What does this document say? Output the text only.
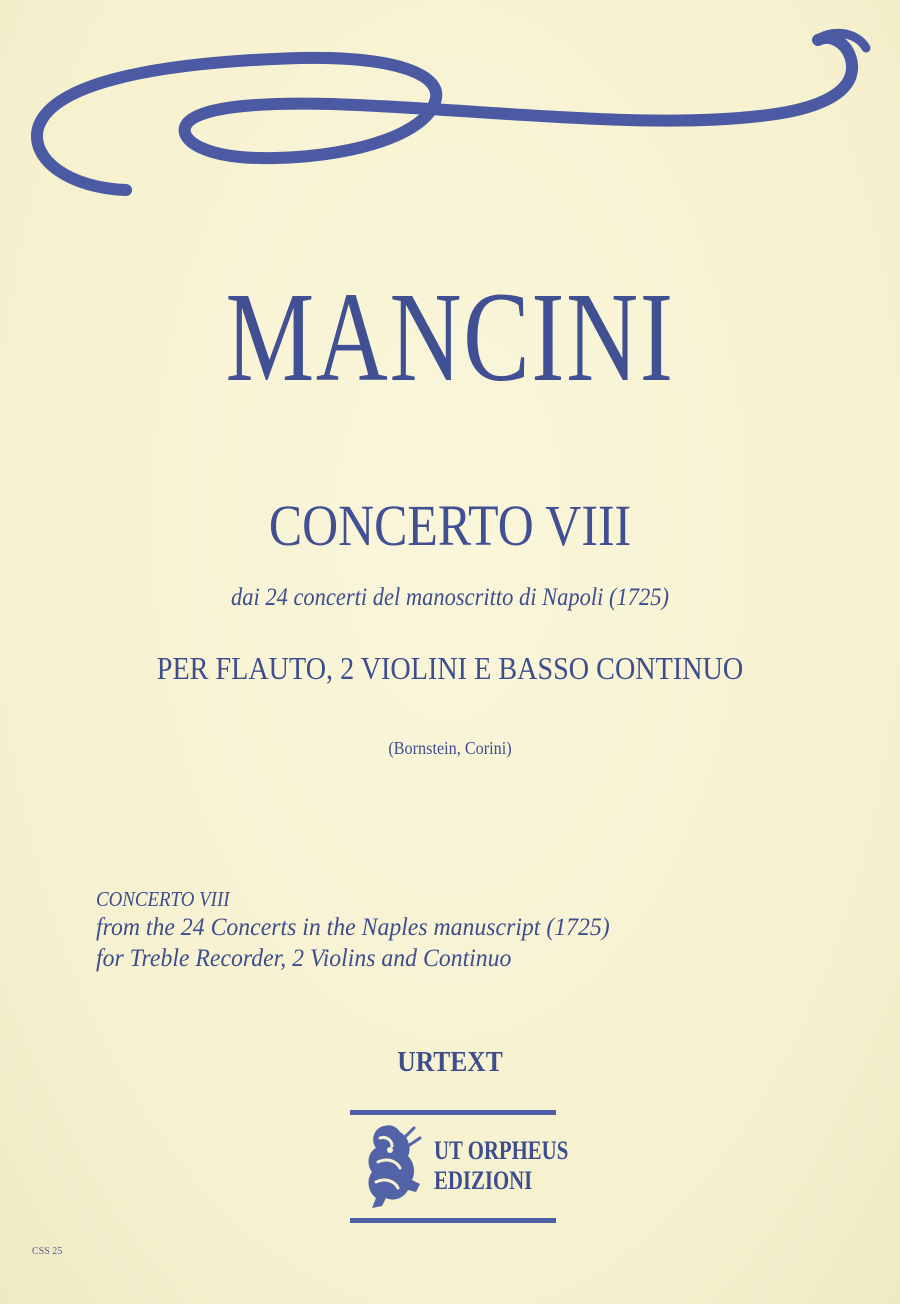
MANCINI
CONCERTO VIII
dai 24 concerti del manoscritto di Napoli (1725)
PER FLAUTO, 2 VIOLINI E BASSO CONTINUO
(Bornstein, Corini)
CONCERTO VIII
from the 24 Concerts in the Naples manuscript (1725)
for Treble Recorder, 2 Violins and Continuo
URTEXT
UT ORPHEUS
EDIZIONI
CSS 25
